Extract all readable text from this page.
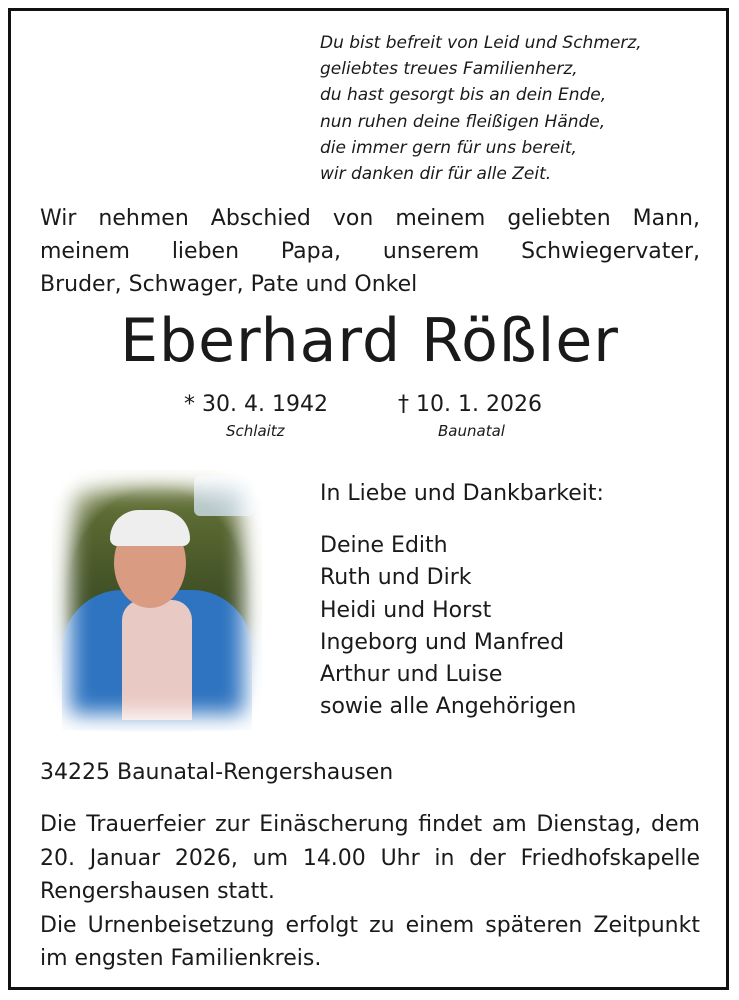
Du bist befreit von Leid und Schmerz,
geliebtes treues Familienherz,
du hast gesorgt bis an dein Ende,
nun ruhen deine fleißigen Hände,
die immer gern für uns bereit,
wir danken dir für alle Zeit.
Wir nehmen Abschied von meinem geliebten Mann,
meinem lieben Papa, unserem Schwiegervater,
Bruder, Schwager, Pate und Onkel
Eberhard Rößler
* 30. 4. 1942
Schlaitz
† 10. 1. 2026
Baunatal
In Liebe und Dankbarkeit:
Deine Edith
Ruth und Dirk
Heidi und Horst
Ingeborg und Manfred
Arthur und Luise
sowie alle Angehörigen
34225 Baunatal-Rengershausen
Die Trauerfeier zur Einäscherung findet am Dienstag, dem 20. Januar 2026, um 14.00 Uhr in der Friedhofskapelle Rengershausen statt.
Die Urnenbeisetzung erfolgt zu einem späteren Zeitpunkt im engsten Familienkreis.
